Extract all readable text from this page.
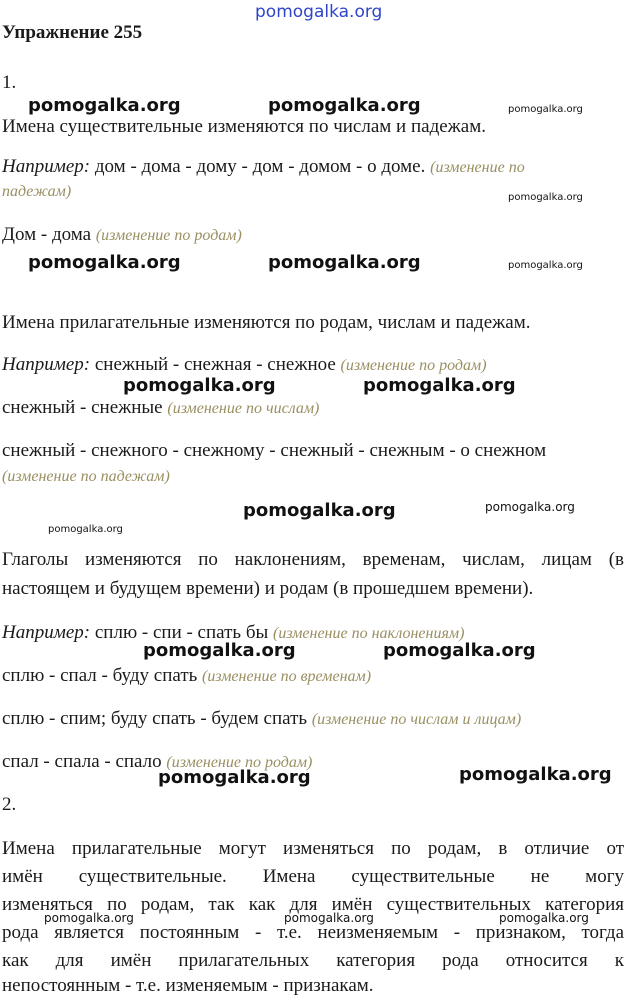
pomogalka.org
Упражнение 255
1.
Имена существительные изменяются по числам и падежам.
Например: дом - дома - дому - дом - домом - о доме. (изменение по
падежам)
Дом - дома (изменение по родам)
Имена прилагательные изменяются по родам, числам и падежам.
Например: снежный - снежная - снежное (изменение по родам)
снежный - снежные (изменение по числам)
снежный - снежного - снежному - снежный - снежным - о снежном
(изменение по падежам)
Глаголы изменяются по наклонениям, временам, числам, лицам (в
настоящем и будущем времени) и родам (в прошедшем времени).
Например: сплю - спи - спать бы (изменение по наклонениям)
сплю - спал - буду спать (изменение по временам)
сплю - спим; буду спать - будем спать (изменение по числам и лицам)
спал - спала - спало (изменение по родам)
2.
Имена прилагательные могут изменяться по родам, в отличие от
имён существительные. Имена существительные не могу
изменяться по родам, так как для имён существительных категория
рода является постоянным - т.е. неизменяемым - признаком, тогда
как для имён прилагательных категория рода относится к
непостоянным - т.е. изменяемым - признакам.
pomogalka.org	pomogalka.org	pomogalka.org
pomogalka.org
pomogalka.org	pomogalka.org	pomogalka.org
pomogalka.org	pomogalka.org
pomogalka.org	pomogalka.org
pomogalka.org
pomogalka.org	pomogalka.org
pomogalka.org	pomogalka.org
pomogalka.org	pomogalka.org	pomogalka.org
